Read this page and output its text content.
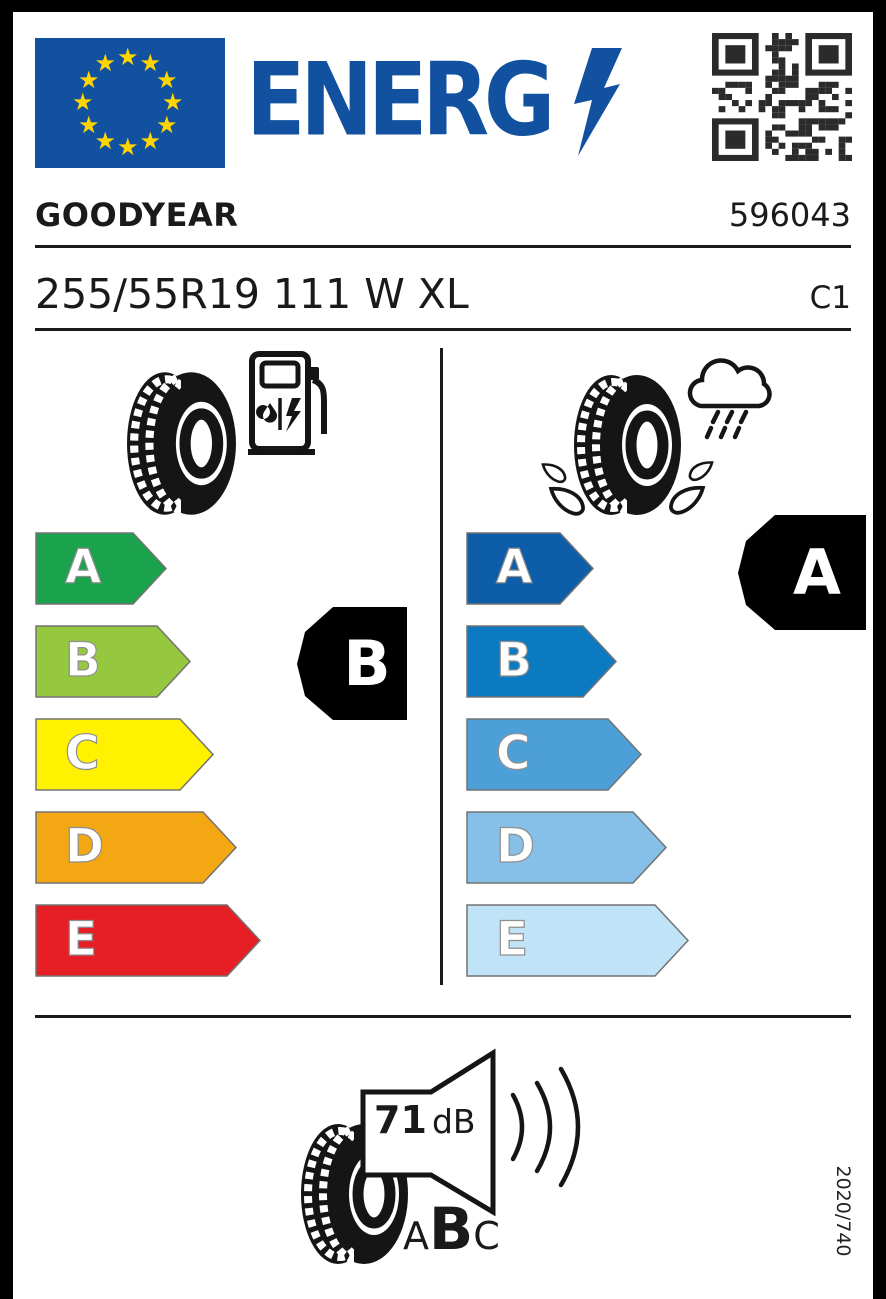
★ ★
★
★
★
★
★
★
★
★
★
★ ENERG
GOODYEAR	596043
255/55R19 111 W XL	C1
A
B
C
D
E
B
A
B
C
D
E
A
71 dB
A B C	2020/740
